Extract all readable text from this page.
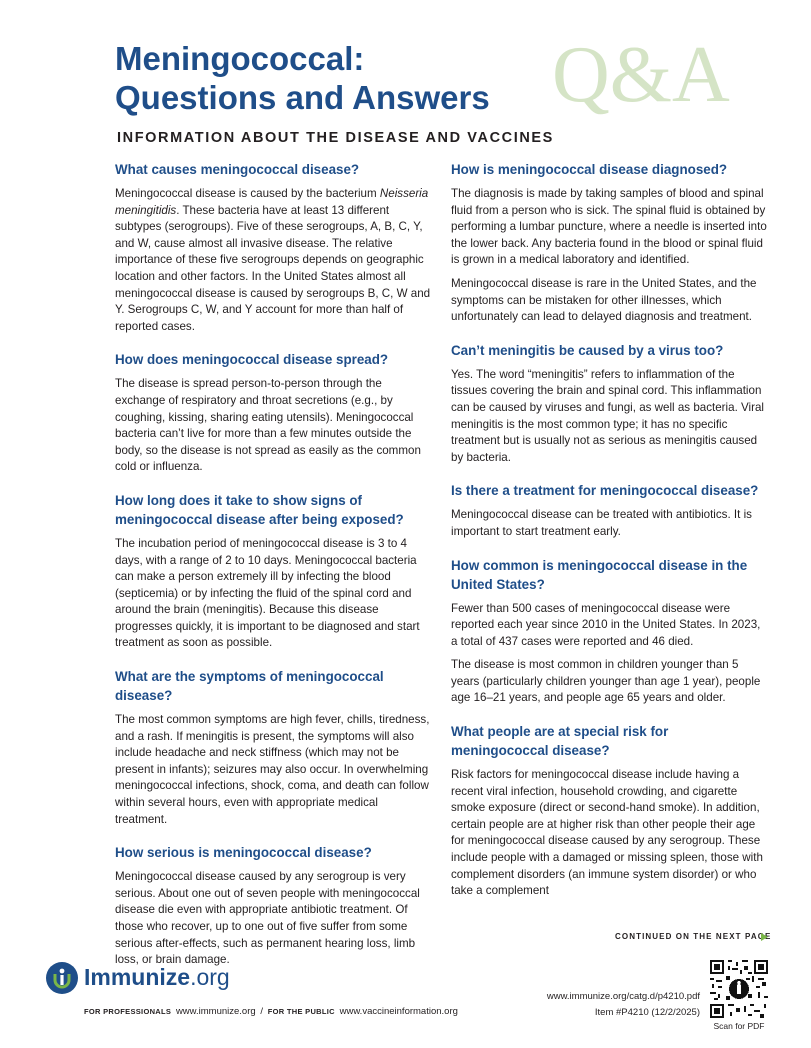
Meningococcal:
Questions and Answers Q&A
INFORMATION ABOUT THE DISEASE AND VACCINES
What causes meningococcal disease?

Meningococcal disease is caused by the bacterium Neisseria meningitidis. These bacteria have at least 13 different subtypes (serogroups). Five of these serogroups, A, B, C, Y, and W, cause almost all invasive disease. The relative importance of these five serogroups depends on geographic location and other factors. In the United States almost all meningococcal disease is caused by serogroups B, C, W and Y. Serogroups C, W, and Y account for more than half of reported cases.

How does meningococcal disease spread?

The disease is spread person-to-person through the exchange of respiratory and throat secretions (e.g., by coughing, kissing, sharing eating utensils). Meningococcal bacteria can’t live for more than a few minutes outside the body, so the disease is not spread as easily as the common cold or influenza.

How long does it take to show signs of meningococcal disease after being exposed?

The incubation period of meningococcal disease is 3 to 4 days, with a range of 2 to 10 days. Meningococcal bacteria can make a person extremely ill by infecting the blood (septicemia) or by infecting the fluid of the spinal cord and around the brain (meningitis). Because this disease progresses quickly, it is important to be diagnosed and start treatment as soon as possible.

What are the symptoms of meningococcal disease?

The most common symptoms are high fever, chills, tiredness, and a rash. If meningitis is present, the symptoms will also include headache and neck stiffness (which may not be present in infants); seizures may also occur. In overwhelming meningococcal infections, shock, coma, and death can follow within several hours, even with appropriate medical treatment.

How serious is meningococcal disease?

Meningococcal disease caused by any serogroup is very serious. About one out of seven people with meningococcal disease die even with appropriate antibiotic treatment. Of those who recover, up to one out of five suffer from some serious after-effects, such as permanent hearing loss, limb loss, or brain damage.

How is meningococcal disease diagnosed?

The diagnosis is made by taking samples of blood and spinal fluid from a person who is sick. The spinal fluid is obtained by performing a lumbar puncture, where a needle is inserted into the lower back. Any bacteria found in the blood or spinal fluid is grown in a medical laboratory and identified.

Meningococcal disease is rare in the United States, and the symptoms can be mistaken for other illnesses, which unfortunately can lead to delayed diagnosis and treatment.

Can’t meningitis be caused by a virus too?

Yes. The word “meningitis” refers to inflammation of the tissues covering the brain and spinal cord. This inflammation can be caused by viruses and fungi, as well as bacteria. Viral meningitis is the most common type; it has no specific treatment but is usually not as serious as meningitis caused by bacteria.

Is there a treatment for meningococcal disease?

Meningococcal disease can be treated with antibiotics. It is important to start treatment early.

How common is meningococcal disease in the United States?

Fewer than 500 cases of meningococcal disease were reported each year since 2010 in the United States. In 2023, a total of 437 cases were reported and 46 died.

The disease is most common in children younger than 5 years (particularly children younger than age 1 year), people age 16–21 years, and people age 65 years and older.

What people are at special risk for meningococcal disease?

Risk factors for meningococcal disease include having a recent viral infection, household crowding, and cigarette smoke exposure (direct or second-hand smoke). In addition, certain people are at higher risk than other people their age for meningococcal disease caused by any serogroup. These include people with a damaged or missing spleen, those with complement disorders (an immune system disorder) or who take a complement

CONTINUED ON THE NEXT PAGE
Immunize.org
FOR PROFESSIONALS www.immunize.org / FOR THE PUBLIC www.vaccineinformation.org
www.immunize.org/catg.d/p4210.pdf
Item #P4210 (12/2/2025)
Scan for PDF
